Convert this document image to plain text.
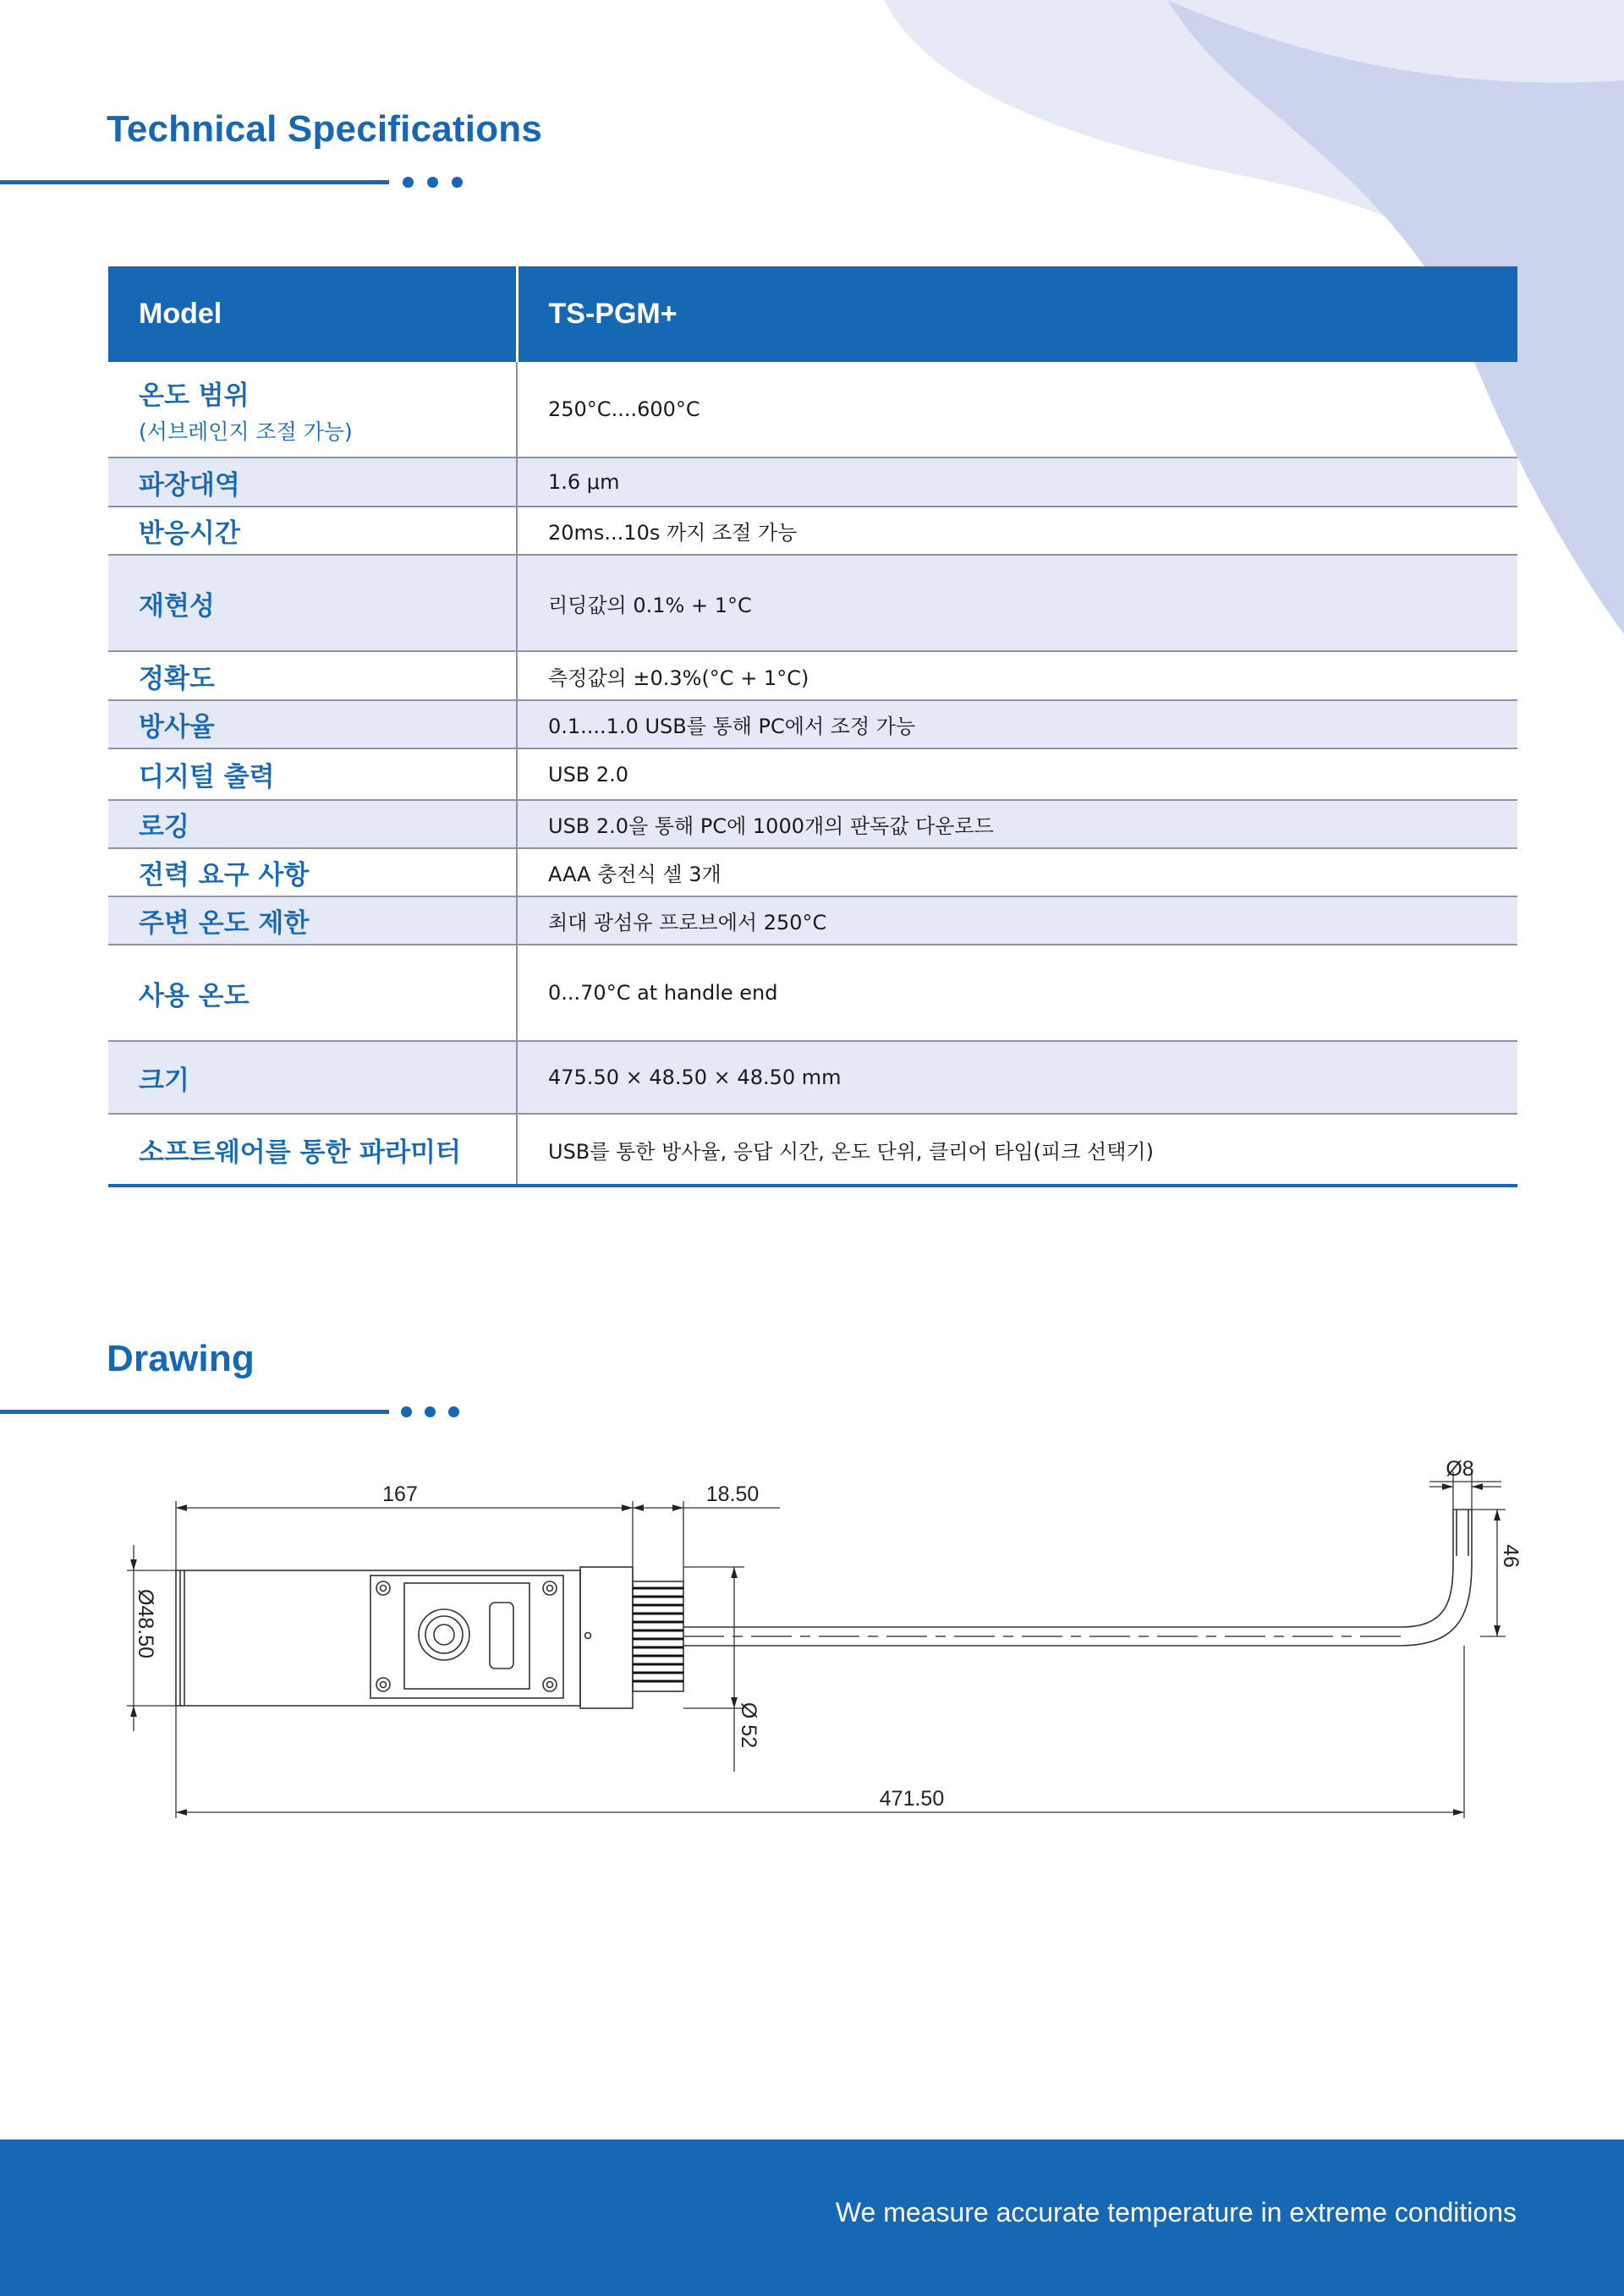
Technical Specifications
Model	TS-PGM+
온도 범위
(서브레인지 조절 가능)	250°C....600°C
파장대역	1.6 μm
반응시간	20ms...10s 까지 조절 가능
재현성	리딩값의 0.1% + 1°C
정확도	측정값의 ±0.3%(°C + 1°C)
방사율	0.1....1.0 USB를 통해 PC에서 조정 가능
디지털 출력	USB 2.0
로깅	USB 2.0을 통해 PC에 1000개의 판독값 다운로드
전력 요구 사항	AAA 충전식 셀 3개
주변 온도 제한	최대 광섬유 프로브에서 250°C
사용 온도	0...70°C at handle end
크기	475.50 × 48.50 × 48.50 mm
소프트웨어를 통한 파라미터	USB를 통한 방사율, 응답 시간, 온도 단위, 클리어 타임(피크 선택기)
Drawing
167	18.50
Ø8
46
Ø48.50
Ø 52
471.50

We measure accurate temperature in extreme conditions
